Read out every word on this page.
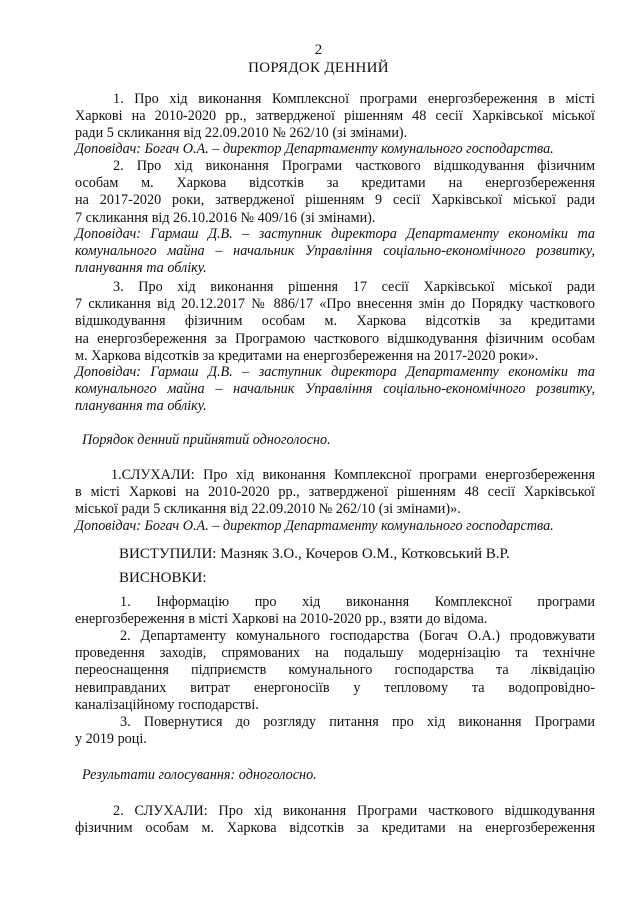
2
ПОРЯДОК ДЕННИЙ
1. Про хід виконання Комплексної програми енергозбереження в місті
Харкові на 2010-2020 рр., затвердженої рішенням 48 сесії Харківської міської
ради 5 скликання від 22.09.2010 № 262/10 (зі змінами).
Доповідач: Богач О.А. – директор Департаменту комунального господарства.
2. Про хід виконання Програми часткового відшкодування фізичним
особам м. Харкова відсотків за кредитами на енергозбереження
на 2017-2020 роки, затвердженої рішенням 9 сесії Харківської міської ради
7 скликання від 26.10.2016 № 409/16 (зі змінами).
Доповідач: Гармаш Д.В. – заступник директора Департаменту економіки та
комунального майна – начальник Управління соціально-економічного розвитку,
планування та обліку.
3. Про хід виконання рішення 17 сесії Харківської міської ради
7 скликання від 20.12.2017 № 886/17 «Про внесення змін до Порядку часткового
відшкодування фізичним особам м. Харкова відсотків за кредитами
на енергозбереження за Програмою часткового відшкодування фізичним особам
м. Харкова відсотків за кредитами на енергозбереження на 2017-2020 роки».
Доповідач: Гармаш Д.В. – заступник директора Департаменту економіки та
комунального майна – начальник Управління соціально-економічного розвитку,
планування та обліку.
Порядок денний прийнятий одноголосно.
1.СЛУХАЛИ: Про хід виконання Комплексної програми енергозбереження
в місті Харкові на 2010-2020 рр., затвердженої рішенням 48 сесії Харківської
міської ради 5 скликання від 22.09.2010 № 262/10 (зі змінами)».
Доповідач: Богач О.А. – директор Департаменту комунального господарства.
ВИСТУПИЛИ: Мазняк З.О., Кочеров О.М., Котковський В.Р.
ВИСНОВКИ:
1. Інформацію про хід виконання Комплексної програми
енергозбереження в місті Харкові на 2010-2020 рр., взяти до відома.
2. Департаменту комунального господарства (Богач О.А.) продовжувати
проведення заходів, спрямованих на подальшу модернізацію та технічне
переоснащення підприємств комунального господарства та ліквідацію
невиправданих витрат енергоносіїв у тепловому та водопровідно-
каналізаційному господарстві.
3. Повернутися до розгляду питання про хід виконання Програми
у 2019 році.
Результати голосування: одноголосно.
2. СЛУХАЛИ: Про хід виконання Програми часткового відшкодування
фізичним особам м. Харкова відсотків за кредитами на енергозбереження
